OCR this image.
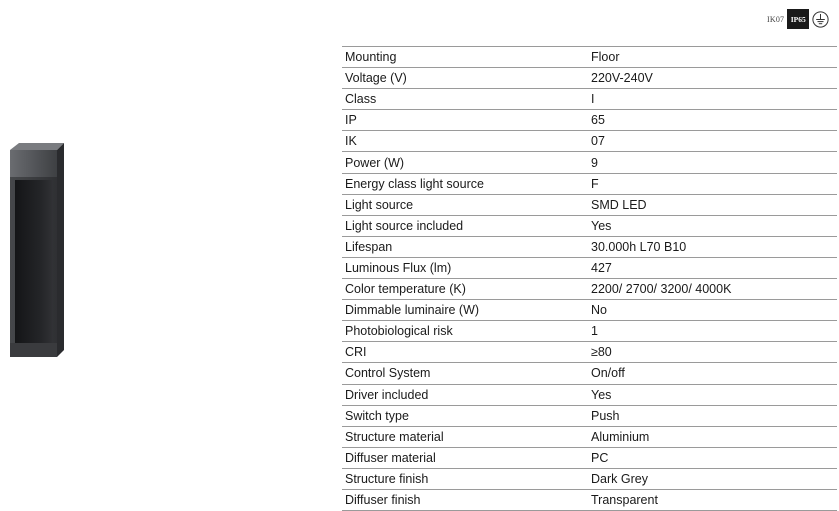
IK07 IP65
Mounting	Floor
Voltage (V)	220V-240V
Class	I
IP	65
IK	07
Power (W)	9
Energy class light source	F
Light source	SMD LED
Light source included	Yes
Lifespan	30.000h L70 B10
Luminous Flux (lm)	427
Color temperature (K)	2200/ 2700/ 3200/ 4000K
Dimmable luminaire (W)	No
Photobiological risk	1
CRI	≥80
Control System	On/off
Driver included	Yes
Switch type	Push
Structure material	Aluminium
Diffuser material	PC
Structure finish	Dark Grey
Diffuser finish	Transparent
